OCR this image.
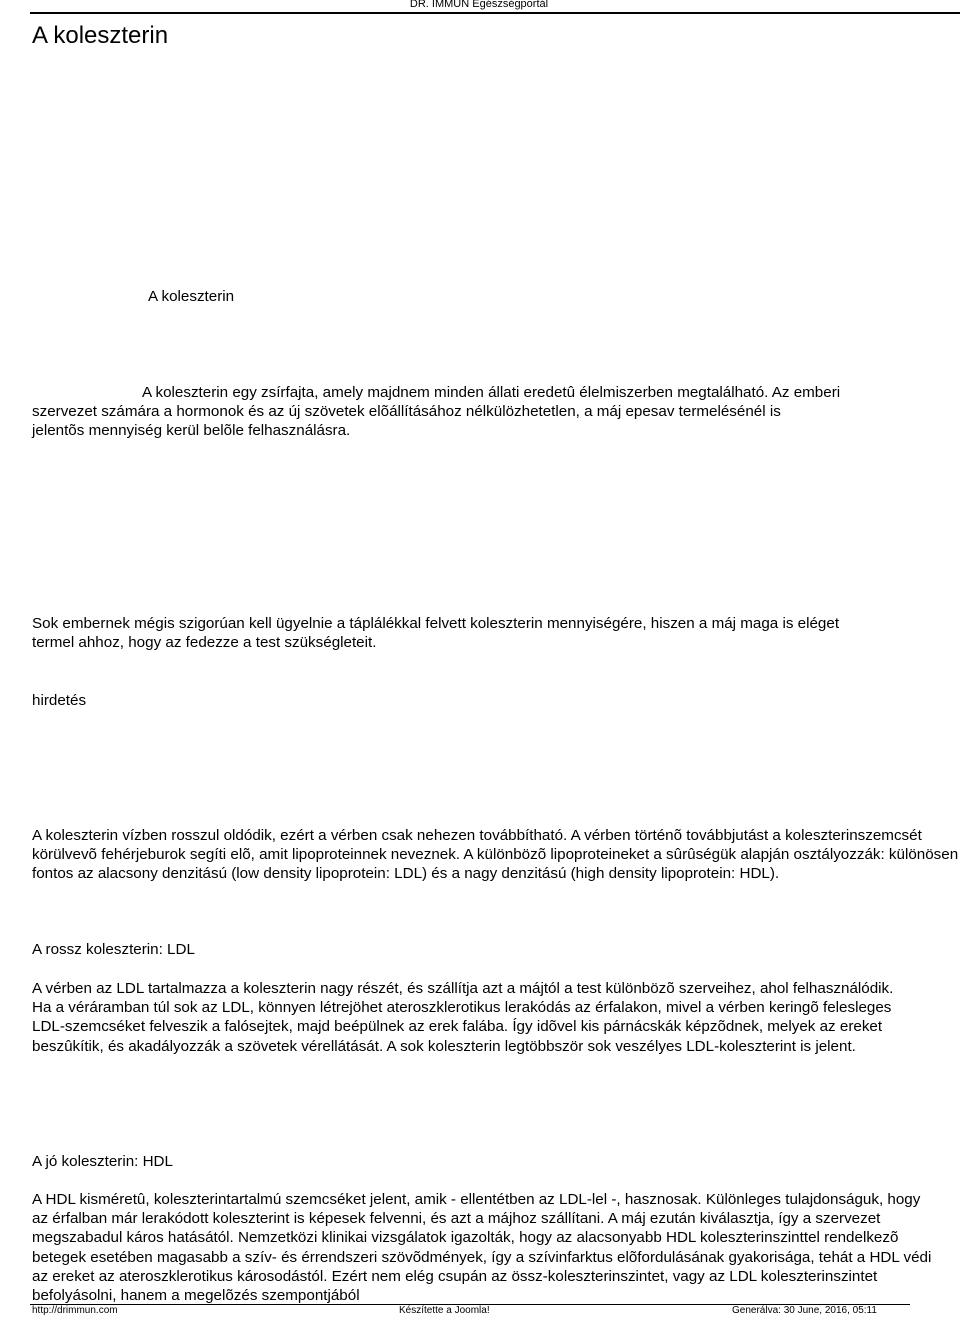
DR. IMMUN Egészségportál
A koleszterin
A koleszterin
A koleszterin egy zsírfajta, amely majdnem minden állati eredetû élelmiszerben megtalálható. Az emberi
szervezet számára a hormonok és az új szövetek elõállításához nélkülözhetetlen, a máj epesav termelésénél is
jelentõs mennyiség kerül belõle felhasználásra.

Sok embernek mégis szigorúan kell ügyelnie a táplálékkal felvett koleszterin mennyiségére, hiszen a máj maga is eléget termel ahhoz, hogy az fedezze a test szükségleteit.

hirdetés

A koleszterin vízben rosszul oldódik, ezért a vérben csak nehezen továbbítható. A vérben történõ továbbjutást a koleszterinszemcsét körülvevõ fehérjeburok segíti elõ, amit lipoproteinnek neveznek. A különbözõ lipoproteineket a sûrûségük alapján osztályozzák: különösen fontos az alacsony denzitású (low density lipoprotein: LDL) és a nagy denzitású (high density lipoprotein: HDL).

A rossz koleszterin: LDL

A vérben az LDL tartalmazza a koleszterin nagy részét, és szállítja azt a májtól a test különbözõ szerveihez, ahol felhasználódik. Ha a véráramban túl sok az LDL, könnyen létrejöhet ateroszklerotikus lerakódás az érfalakon, mivel a vérben keringõ felesleges LDL-szemcséket felveszik a falósejtek, majd beépülnek az erek falába. Így idõvel kis párnácskák képzõdnek, melyek az ereket beszûkítik, és akadályozzák a szövetek vérellátását. A sok koleszterin legtöbbször sok veszélyes LDL-koleszterint is jelent.

A jó koleszterin: HDL

A HDL kisméretû, koleszterintartalmú szemcséket jelent, amik - ellentétben az LDL-lel -, hasznosak. Különleges tulajdonságuk, hogy az érfalban már lerakódott koleszterint is képesek felvenni, és azt a májhoz szállítani. A máj ezután kiválasztja, így a szervezet megszabadul káros hatásától. Nemzetközi klinikai vizsgálatok igazolták, hogy az alacsonyabb HDL koleszterinszinttel rendelkezõ betegek esetében magasabb a szív- és érrendszeri szövõdmények, így a szívinfarktus elõfordulásának gyakorisága, tehát a HDL védi az ereket az ateroszklerotikus károsodástól. Ezért nem elég csupán az össz-koleszterinszintet, vagy az LDL koleszterinszintet befolyásolni, hanem a megelõzés szempontjából

http://drimmun.com	Készítette a Joomla!	Generálva: 30 June, 2016, 05:11
